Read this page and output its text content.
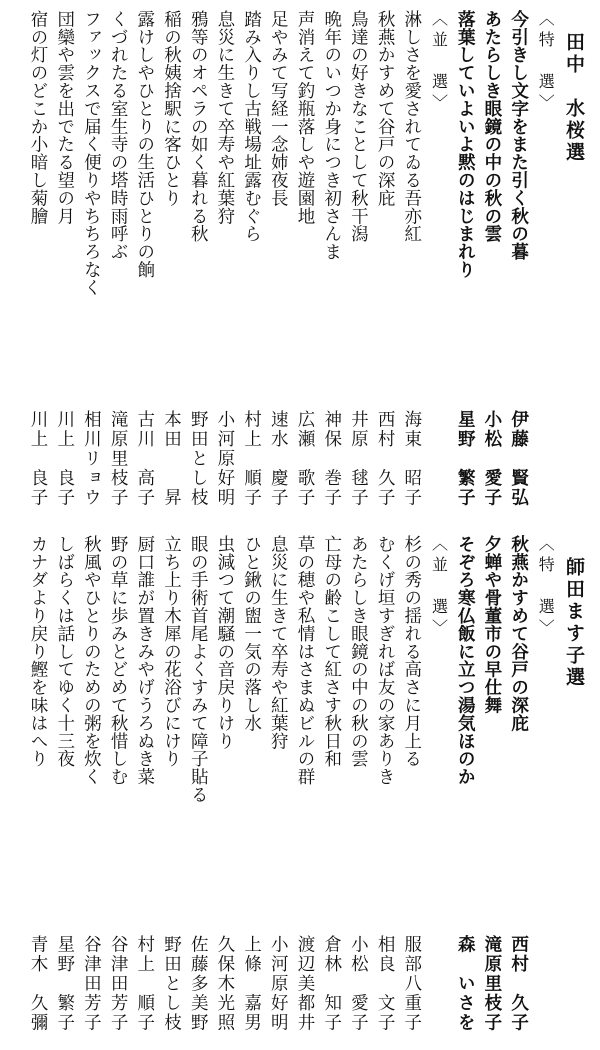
田中　水桜選
〈特　選〉
今引きし文字をまた引く秋の暮
伊藤　賢弘
あたらしき眼鏡の中の秋の雲
小松　愛子
落葉していよいよ黙のはじまれり
星野　繁子
〈並　選〉
淋しさを愛されてゐる吾亦紅
海東　昭子
秋燕かすめて谷戸の深庇
西村　久子
鳥達の好きなことして秋干潟
井原　毬子
晩年のいつか身につき初さんま
神保　巻子
声消えて釣瓶落しや遊園地
広瀬　歌子
足やみて写経一念姉夜長
速水　慶子
踏み入りし古戦場址露むぐら
村上　順子
息災に生きて卒寿や紅葉狩
小河原好明
鴉等のオペラの如く暮れる秋
野田とし枝
稲の秋姨捨駅に客ひとり
本田　　昇
露けしやひとりの生活ひとりの餉
古川　高子
くづれたる室生寺の塔時雨呼ぶ
滝原里枝子
ファックスで届く便りやちちろなく
相川リョウ
団欒や雲を出でたる望の月
川上　良子
宿の灯のどこか小暗し菊膾
川上　良子
師田ます子選
〈特　選〉
秋燕かすめて谷戸の深庇
西村　久子
夕蝉や骨董市の早仕舞
滝原里枝子
そぞろ寒仏飯に立つ湯気ほのか
森　いさを
〈並　選〉
杉の秀の揺れる高さに月上る
服部八重子
むくげ垣すぎれば友の家ありき
相良　文子
あたらしき眼鏡の中の秋の雲
小松　愛子
亡母の齢こして紅さす秋日和
倉林　知子
草の穂や私情はさまぬビルの群
渡辺美都井
息災に生きて卒寿や紅葉狩
小河原好明
ひと鍬の盥一気の落し水
上條　嘉男
虫減つて潮騒の音戻りけり
久保木光照
眼の手術首尾よくすみて障子貼る
佐藤多美野
立ち上り木犀の花浴びにけり
野田とし枝
厨口誰が置きみやげうろぬき菜
村上　順子
野の草に歩みとどめて秋惜しむ
谷津田芳子
秋風やひとりのための粥を炊く
谷津田芳子
しばらくは話してゆく十三夜
星野　繁子
カナダより戻り鰹を味はへり
青木　久彌
